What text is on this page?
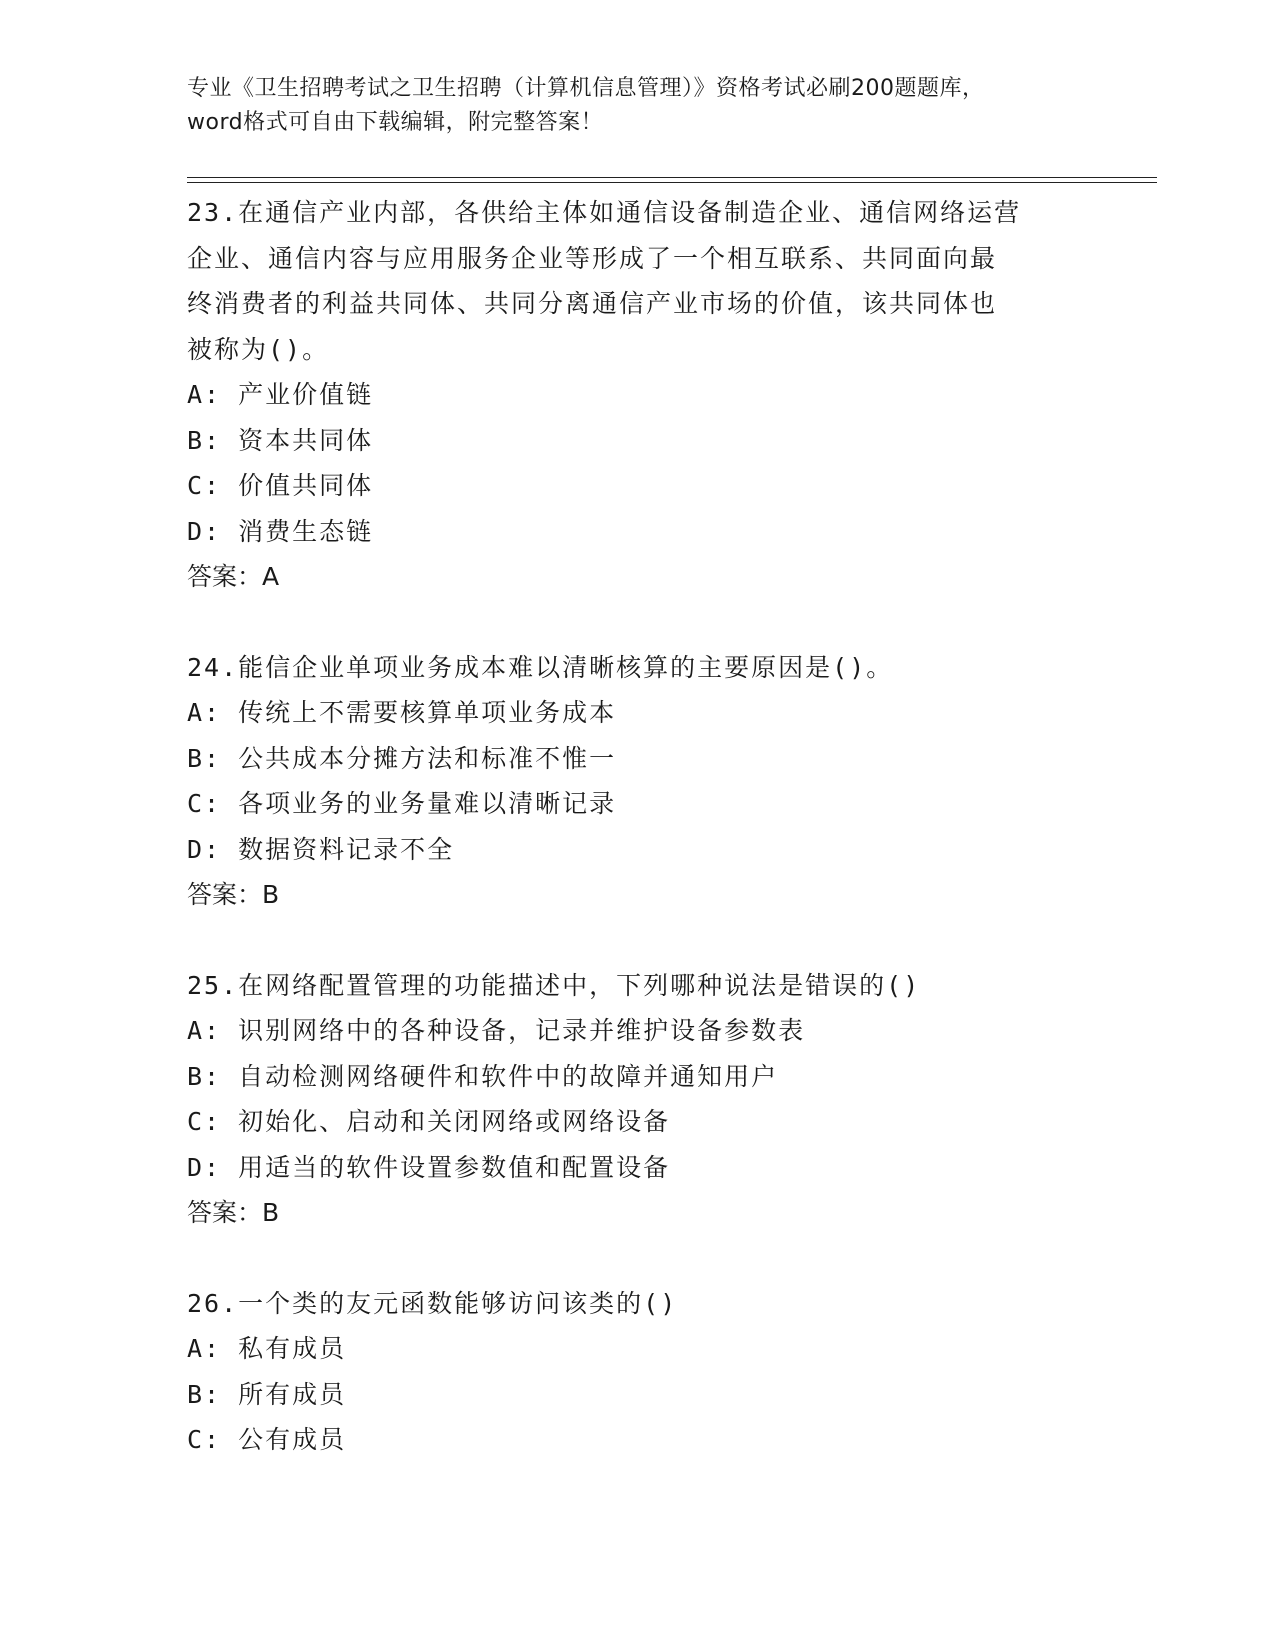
专业《卫生招聘考试之卫生招聘（计算机信息管理）》资格考试必刷200题题库，
word格式可自由下载编辑，附完整答案！

23.在通信产业内部，各供给主体如通信设备制造企业、通信网络运营

企业、通信内容与应用服务企业等形成了一个相互联系、共同面向最

终消费者的利益共同体、共同分离通信产业市场的价值，该共同体也

被称为()。

A: 产业价值链

B: 资本共同体

C: 价值共同体

D: 消费生态链

答案：A

24.能信企业单项业务成本难以清晰核算的主要原因是()。

A: 传统上不需要核算单项业务成本

B: 公共成本分摊方法和标准不惟一

C: 各项业务的业务量难以清晰记录

D: 数据资料记录不全

答案：B

25.在网络配置管理的功能描述中，下列哪种说法是错误的()

A: 识别网络中的各种设备，记录并维护设备参数表

B: 自动检测网络硬件和软件中的故障并通知用户

C: 初始化、启动和关闭网络或网络设备

D: 用适当的软件设置参数值和配置设备

答案：B

26.一个类的友元函数能够访问该类的()

A: 私有成员

B: 所有成员

C: 公有成员
